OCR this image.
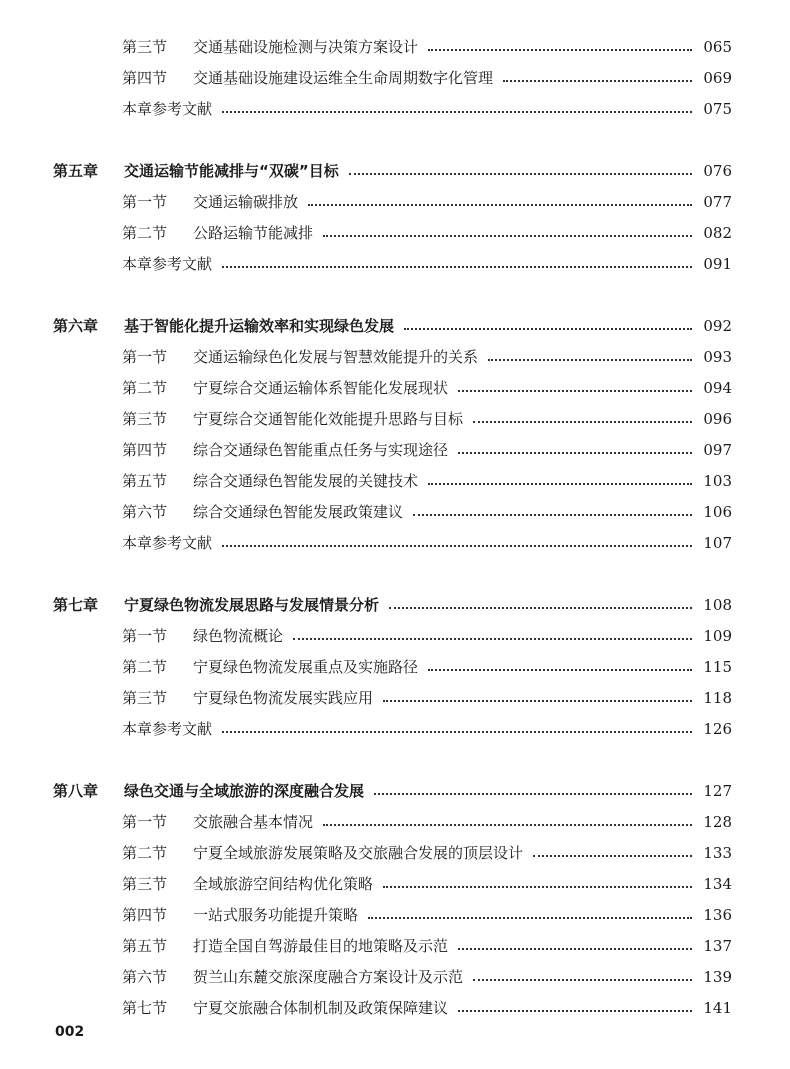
第三节 交通基础设施检测与决策方案设计	065
第四节 交通基础设施建设运维全生命周期数字化管理	069
本章参考文献	075
第五章 交通运输节能减排与“双碳”目标	076
第一节 交通运输碳排放	077
第二节 公路运输节能减排	082
本章参考文献	091
第六章 基于智能化提升运输效率和实现绿色发展	092
第一节 交通运输绿色化发展与智慧效能提升的关系	093
第二节 宁夏综合交通运输体系智能化发展现状	094
第三节 宁夏综合交通智能化效能提升思路与目标	096
第四节 综合交通绿色智能重点任务与实现途径	097
第五节 综合交通绿色智能发展的关键技术	103
第六节 综合交通绿色智能发展政策建议	106
本章参考文献	107
第七章 宁夏绿色物流发展思路与发展情景分析	108
第一节 绿色物流概论	109
第二节 宁夏绿色物流发展重点及实施路径	115
第三节 宁夏绿色物流发展实践应用	118
本章参考文献	126
第八章 绿色交通与全域旅游的深度融合发展	127
第一节 交旅融合基本情况	128
第二节 宁夏全域旅游发展策略及交旅融合发展的顶层设计	133
第三节 全域旅游空间结构优化策略	134
第四节 一站式服务功能提升策略	136
第五节 打造全国自驾游最佳目的地策略及示范	137
第六节 贺兰山东麓交旅深度融合方案设计及示范	139
第七节 宁夏交旅融合体制机制及政策保障建议	141
002
